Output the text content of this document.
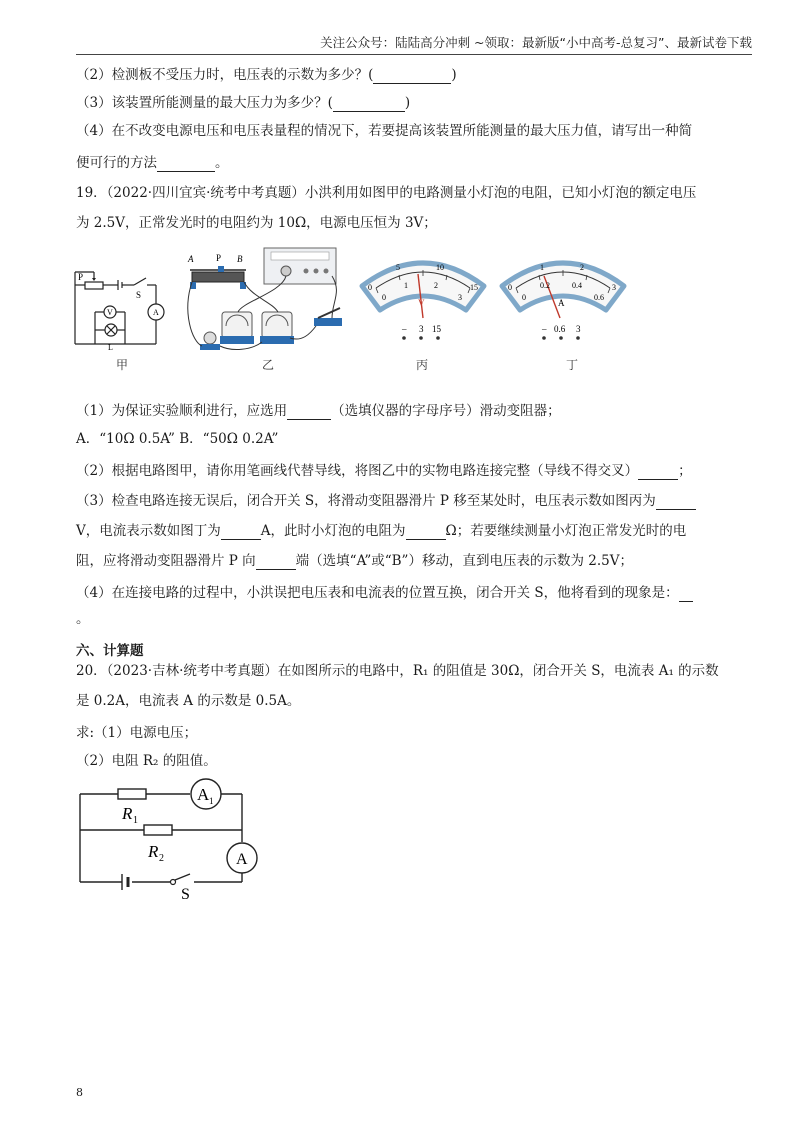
关注公众号：陆陆高分冲刺 ~领取：最新版“小中高考-总复习”、最新试卷下载
（2）检测板不受压力时，电压表的示数为多少？(	)
（3）该装置所能测量的最大压力为多少？(	)
（4）在不改变电源电压和电压表量程的情况下，若要提高该装置所能测量的最大压力值，请写出一种简
便可行的方法	。
19．（2022·四川宜宾·统考中考真题）小洪利用如图甲的电路测量小灯泡的电阻，已知小灯泡的额定电压
为 2.5V，正常发光时的电阻约为 10Ω，电源电压恒为 3V；
P
S
V	A
L
A	P B
0
5	10
15
0
1	2
3
V
– 3 15
0
1	2
3
0
0.2	0.4
0.6
A
– 0.6 3
甲	乙	丙	丁
（1）为保证实验顺利进行，应选用	（选填仪器的字母序号）滑动变阻器；
A．“10Ω 0.5A” B．“50Ω 0.2A”
（2）根据电路图甲，请你用笔画线代替导线，将图乙中的实物电路连接完整（导线不得交叉）	；
（3）检查电路连接无误后，闭合开关 S，将滑动变阻器滑片 P 移至某处时，电压表示数如图丙为
V，电流表示数如图丁为	A，此时小灯泡的电阻为	Ω；若要继续测量小灯泡正常发光时的电
阻，应将滑动变阻器滑片 P 向	端（选填“A”或“B”）移动，直到电压表的示数为 2.5V；
（4）在连接电路的过程中，小洪误把电压表和电流表的位置互换，闭合开关 S，他将看到的现象是：
。
六、计算题
20．（2023·吉林·统考中考真题）在如图所示的电路中，R₁ 的阻值是 30Ω，闭合开关 S，电流表 A₁ 的示数
是 0.2A，电流表 A 的示数是 0.5A。
求:（1）电源电压；
（2）电阻 R₂ 的阻值。
R 1
R 2
A 1
A
S
8
